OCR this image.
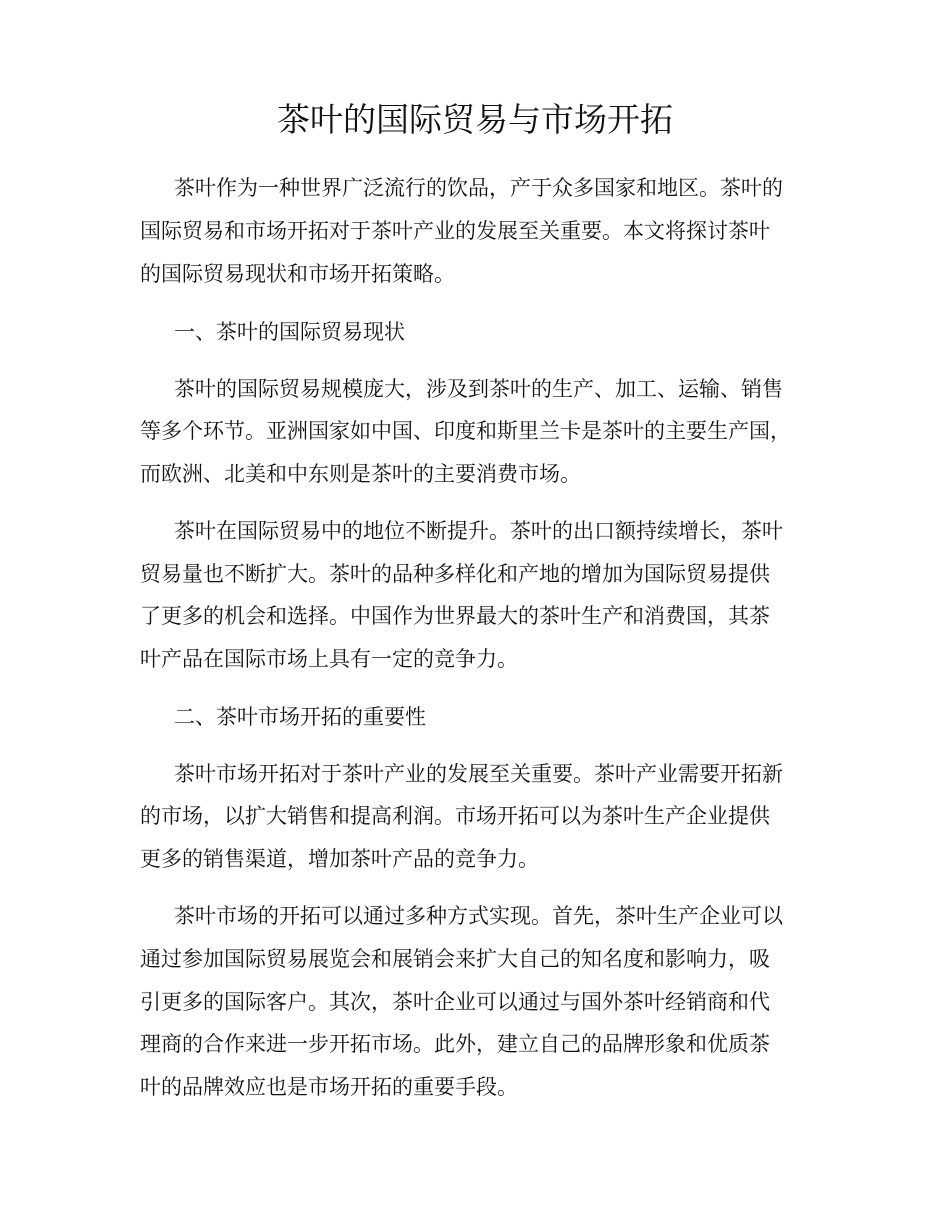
茶叶的国际贸易与市场开拓

茶叶作为一种世界广泛流行的饮品，产于众多国家和地区。茶叶的

国际贸易和市场开拓对于茶叶产业的发展至关重要。本文将探讨茶叶

的国际贸易现状和市场开拓策略。

一、茶叶的国际贸易现状

茶叶的国际贸易规模庞大，涉及到茶叶的生产、加工、运输、销售

等多个环节。亚洲国家如中国、印度和斯里兰卡是茶叶的主要生产国，

而欧洲、北美和中东则是茶叶的主要消费市场。

茶叶在国际贸易中的地位不断提升。茶叶的出口额持续增长，茶叶

贸易量也不断扩大。茶叶的品种多样化和产地的增加为国际贸易提供

了更多的机会和选择。中国作为世界最大的茶叶生产和消费国，其茶

叶产品在国际市场上具有一定的竞争力。

二、茶叶市场开拓的重要性

茶叶市场开拓对于茶叶产业的发展至关重要。茶叶产业需要开拓新

的市场，以扩大销售和提高利润。市场开拓可以为茶叶生产企业提供

更多的销售渠道，增加茶叶产品的竞争力。

茶叶市场的开拓可以通过多种方式实现。首先，茶叶生产企业可以

通过参加国际贸易展览会和展销会来扩大自己的知名度和影响力，吸

引更多的国际客户。其次，茶叶企业可以通过与国外茶叶经销商和代

理商的合作来进一步开拓市场。此外，建立自己的品牌形象和优质茶

叶的品牌效应也是市场开拓的重要手段。
